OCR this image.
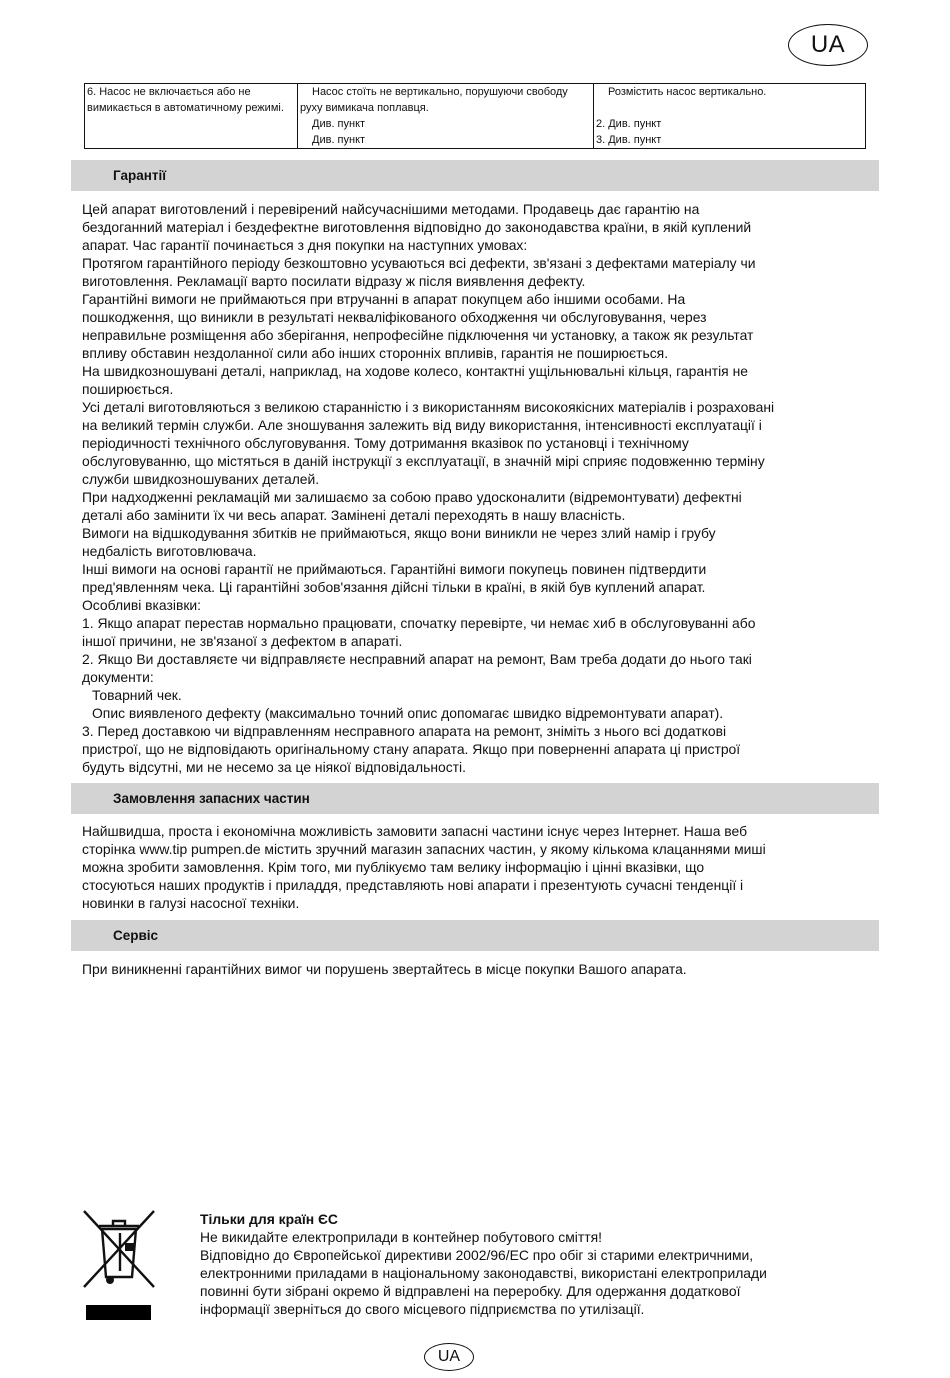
UA
6. Насос не включається або не	Насос стоїть не вертикально, порушуючи свободу	Розмістить насос вертикально.
вимикається в автоматичному режимі.	руху вимикача поплавця.	
	Див. пункт	2. Див. пункт
	Див. пункт	3. Див. пункт
Гарантії

Цей апарат виготовлений і перевірений найсучаснішими методами. Продавець дає гарантію на

бездоганний матеріал і бездефектне виготовлення відповідно до законодавства країни, в якій куплений

апарат. Час гарантії починається з дня покупки на наступних умовах:

Протягом гарантійного періоду безкоштовно усуваються всі дефекти, зв'язані з дефектами матеріалу чи

виготовлення. Рекламації варто посилати відразу ж після виявлення дефекту.

Гарантійні вимоги не приймаються при втручанні в апарат покупцем або іншими особами. На

пошкодження, що виникли в результаті некваліфікованого обходження чи обслуговування, через

неправильне розміщення або зберігання, непрофесійне підключення чи установку, а також як результат

впливу обставин нездоланної сили або інших сторонніх впливів, гарантія не поширюється.

На швидкозношувані деталі, наприклад, на ходове колесо, контактні ущільнювальні кільця, гарантія не

поширюється.

Усі деталі виготовляються з великою старанністю і з використанням високоякісних матеріалів і розраховані

на великий термін служби. Але зношування залежить від виду використання, інтенсивності експлуатації і

періодичності технічного обслуговування. Тому дотримання вказівок по установці і технічному

обслуговуванню, що містяться в даній інструкції з експлуатації, в значній мірі сприяє подовженню терміну

служби швидкозношуваних деталей.

При надходженні рекламацій ми залишаємо за собою право удосконалити (відремонтувати) дефектні

деталі або замінити їх чи весь апарат. Замінені деталі переходять в нашу власність.

Вимоги на відшкодування збитків не приймаються, якщо вони виникли не через злий намір і грубу

недбалість виготовлювача.

Інші вимоги на основі гарантії не приймаються. Гарантійні вимоги покупець повинен підтвердити

пред'явленням чека. Ці гарантійні зобов'язання дійсні тільки в країні, в якій був куплений апарат.

Особливі вказівки:

1. Якщо апарат перестав нормально працювати, спочатку перевірте, чи немає хиб в обслуговуванні або

іншої причини, не зв'язаної з дефектом в апараті.

2. Якщо Ви доставляєте чи відправляєте несправний апарат на ремонт, Вам треба додати до нього такі

документи:

Товарний чек.

Опис виявленого дефекту (максимально точний опис допомагає швидко відремонтувати апарат).

3. Перед доставкою чи відправленням несправного апарата на ремонт, зніміть з нього всі додаткові

пристрої, що не відповідають оригінальному стану апарата. Якщо при поверненні апарата ці пристрої

будуть відсутні, ми не несемо за це ніякої відповідальності.

Замовлення запасних частин

Найшвидша, проста і економічна можливість замовити запасні частини існує через Інтернет. Наша веб

сторінка www.tip pumpen.de містить зручний магазин запасних частин, у якому кількома клацаннями миші

можна зробити замовлення. Крім того, ми публікуємо там велику інформацію і цінні вказівки, що

стосуються наших продуктів і приладдя, представляють нові апарати і презентують сучасні тенденції і

новинки в галузі насосної техніки.

Сервіс

При виникненні гарантійних вимог чи порушень звертайтесь в місце покупки Вашого апарата.

Тільки для країн ЄС

Не викидайте електроприлади в контейнер побутового сміття!

Відповідно до Європейської директиви 2002/96/ЕС про обіг зі старими електричними,

електронними приладами в національному законодавстві, використані електроприлади

повинні бути зібрані окремо й відправлені на переробку. Для одержання додаткової

інформації зверніться до свого місцевого підприємства по утилізації.

UA
